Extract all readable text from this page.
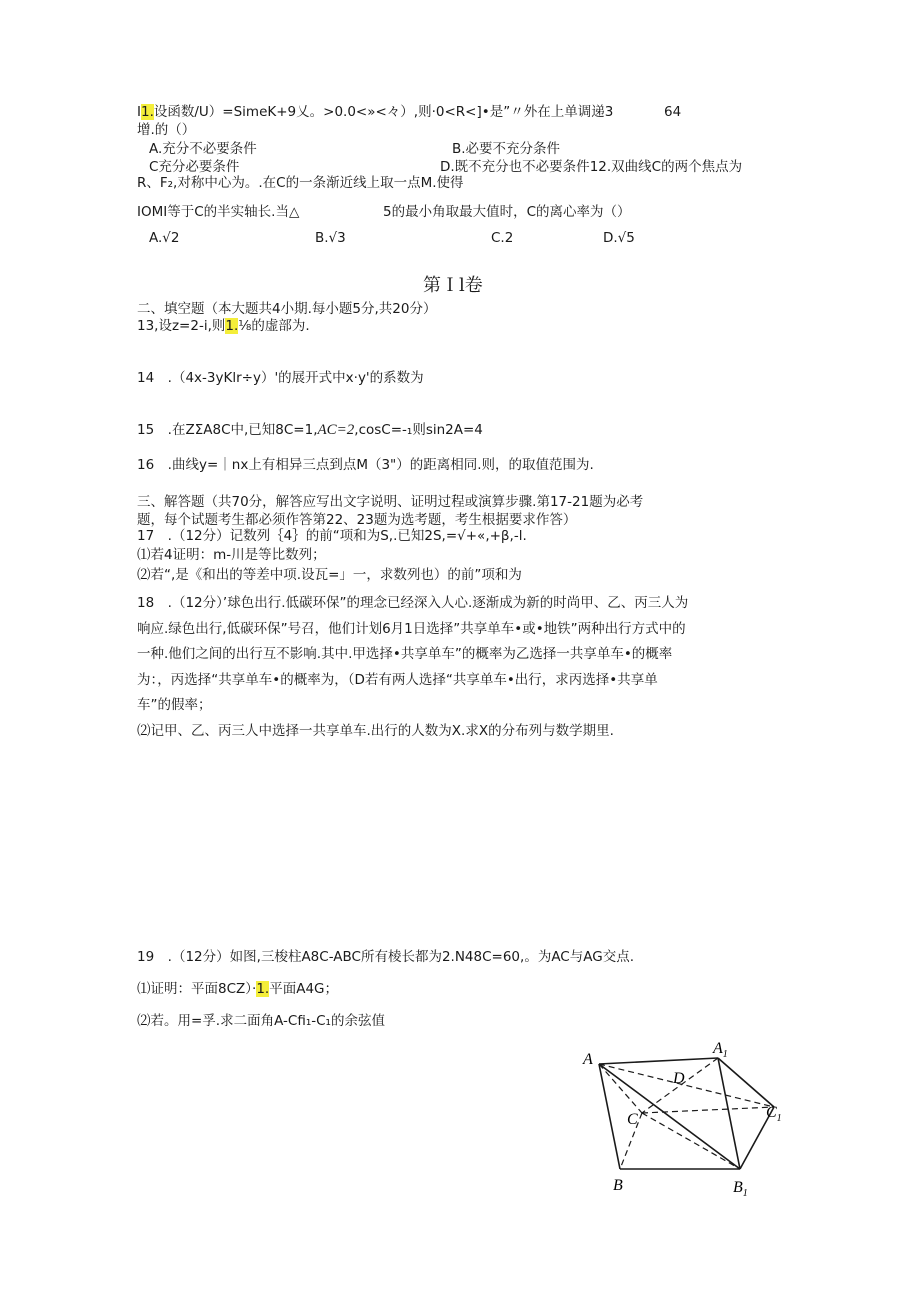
I1.设函数/U）=SimeK+9乂。>0.0<»<々）,则·0<R<]•是”〃外在上单调递3	64
增.的（）
A.充分不必要条件	B.必要不充分条件
C充分必要条件	D.既不充分也不必要条件12.双曲线C的两个焦点为
R、F₂,对称中心为。.在C的一条渐近线上取一点M.使得
IOMI等于C的半实轴长.当△	5的最小角取最大值时，C的离心率为（）
A.√2	B.√3	C.2	D.√5
第Ｉl卷
二、填空题（本大题共4小期.每小题5分,共20分）
13,设z=2-i,则1.⅛的虚部为.
14　.（4x-3yKlr÷y）'的展开式中x·y'的系数为
15　.在ZΣA8C中,已知8C=1,AC=2,cosC=-₁则sin2A=4
16　.曲线y=｜nx上有相异三点到点M（3"）的距离相同.则，的取值范围为.
三、解答题（共70分，解答应写出文字说明、证明过程或演算步骤.第17-21题为必考
题，每个试题考生都必须作答第22、23题为选考题，考生根据要求作答）
17　.（12分）记数列｛4｝的前“项和为S,.已知2S,=√+«,+β,-l.
⑴若4证明：m-川是等比数列；
⑵若“,是《和出的等差中项.设瓦=」一，求数列也）的前”项和为
18　.（12分）’球色出行.低碳环保”的理念已经深入人心.逐渐成为新的时尚甲、乙、丙三人为
响应.绿色出行,低碳环保”号召，他们计划6月1日选择”共享单车•或•地铁”两种出行方式中的
一种.他们之间的出行互不影响.其中.甲选择•共享单车”的概率为乙选择一共享单车•的概率
为：，丙选择“共享单车•的概率为，（D若有两人选择“共享单车•出行，求丙选择•共享单
车”的假率；
⑵记甲、乙、丙三人中选择一共享单车.出行的人数为X.求X的分布列与数学期里.
19　.（12分）如图,三梭柱A8C-ABC所有棱长都为2.N48C=60,。为AC与AG交点.
⑴证明：平面8CZ）·1.平面A4G；
⑵若。用=孚.求二面角A-Cfi₁-C₁的余弦值
A
$A_1$
D
C	$C_1$
B	$B_1$
